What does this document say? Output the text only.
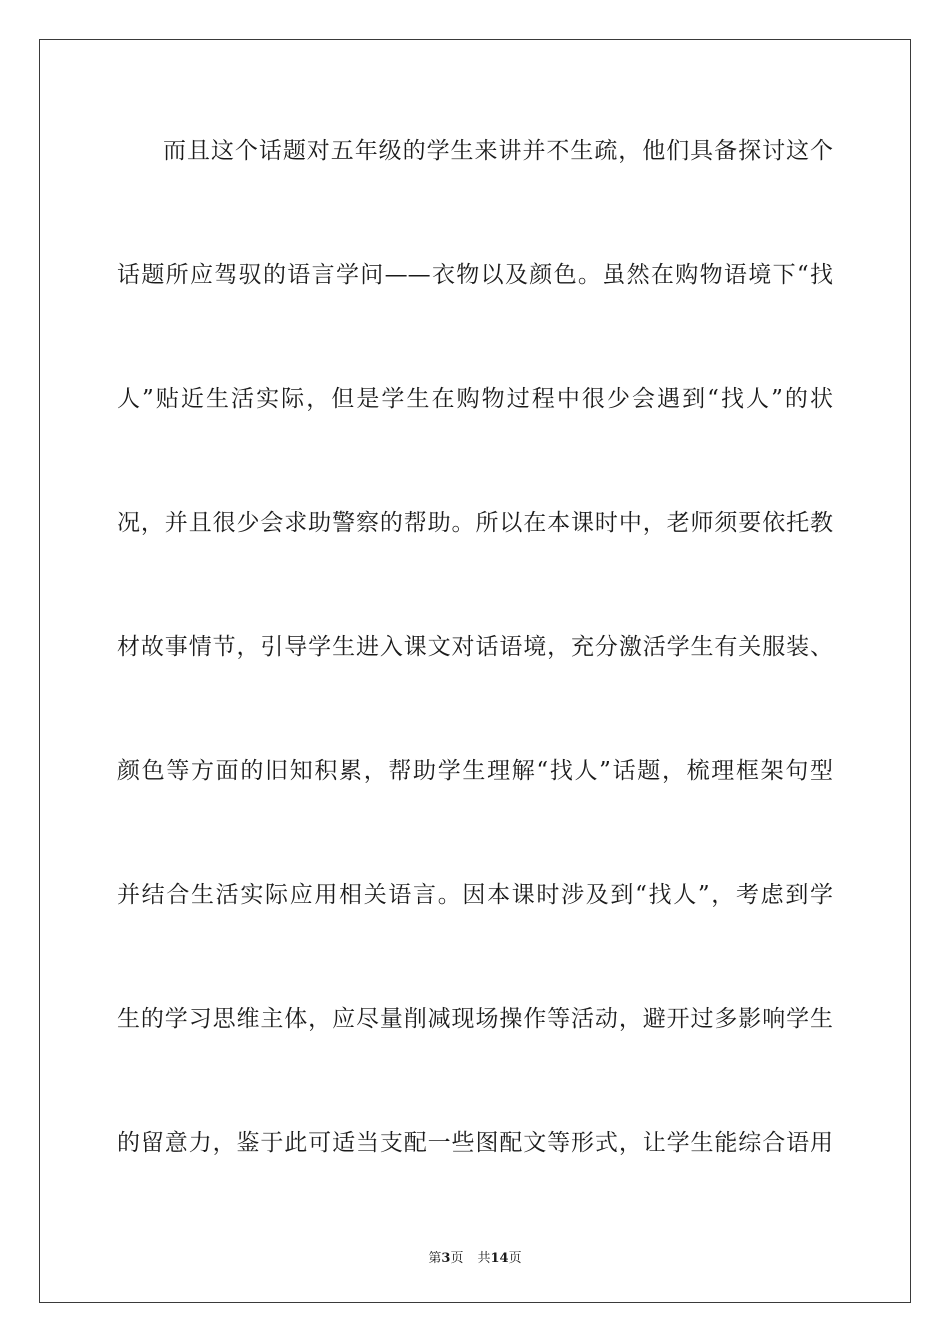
而且这个话题对五年级的学生来讲并不生疏，他们具备探讨这个
话题所应驾驭的语言学问——衣物以及颜色。虽然在购物语境下“找
人”贴近生活实际，但是学生在购物过程中很少会遇到“找人”的状
况，并且很少会求助警察的帮助。所以在本课时中，老师须要依托教
材故事情节，引导学生进入课文对话语境，充分激活学生有关服装、
颜色等方面的旧知积累，帮助学生理解“找人”话题，梳理框架句型
并结合生活实际应用相关语言。因本课时涉及到“找人”，考虑到学
生的学习思维主体，应尽量削减现场操作等活动，避开过多影响学生
的留意力，鉴于此可适当支配一些图配文等形式，让学生能综合语用
第3页 共14页
